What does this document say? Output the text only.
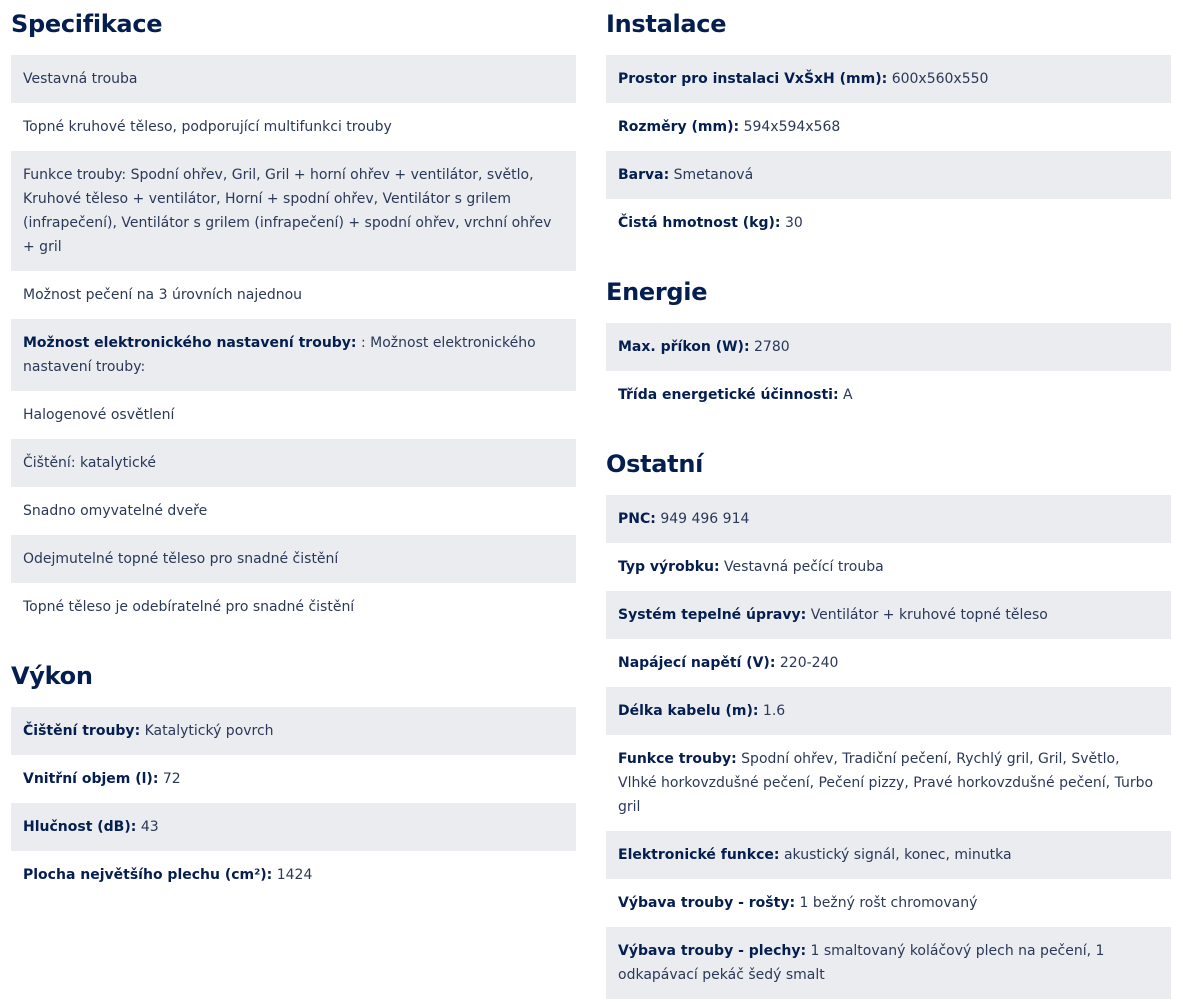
Specifikace
Vestavná trouba
Topné kruhové těleso, podporující multifunkci trouby
Funkce trouby: Spodní ohřev, Gril, Gril + horní ohřev + ventilátor, světlo, Kruhové těleso + ventilátor, Horní + spodní ohřev, Ventilátor s grilem (infrapečení), Ventilátor s grilem (infrapečení) + spodní ohřev, vrchní ohřev + gril
Možnost pečení na 3 úrovních najednou
Možnost elektronického nastavení trouby: : Možnost elektronického nastavení trouby:
Halogenové osvětlení
Čištění: katalytické
Snadno omyvatelné dveře
Odejmutelné topné těleso pro snadné čistění
Topné těleso je odebíratelné pro snadné čistění
Výkon
Čištění trouby: Katalytický povrch
Vnitřní objem (l): 72
Hlučnost (dB): 43
Plocha největšího plechu (cm²): 1424
Instalace
Prostor pro instalaci VxŠxH (mm): 600x560x550
Rozměry (mm): 594x594x568
Barva: Smetanová
Čistá hmotnost (kg): 30
Energie
Max. příkon (W): 2780
Třída energetické účinnosti: A
Ostatní
PNC: 949 496 914
Typ výrobku: Vestavná pečící trouba
Systém tepelné úpravy: Ventilátor + kruhové topné těleso
Napájecí napětí (V): 220-240
Délka kabelu (m): 1.6
Funkce trouby: Spodní ohřev, Tradiční pečení, Rychlý gril, Gril, Světlo, Vlhké horkovzdušné pečení, Pečení pizzy, Pravé horkovzdušné pečení, Turbo gril
Elektronické funkce: akustický signál, konec, minutka
Výbava trouby - rošty: 1 bežný rošt chromovaný
Výbava trouby - plechy: 1 smaltovaný koláčový plech na pečení, 1 odkapávací pekáč šedý smalt
